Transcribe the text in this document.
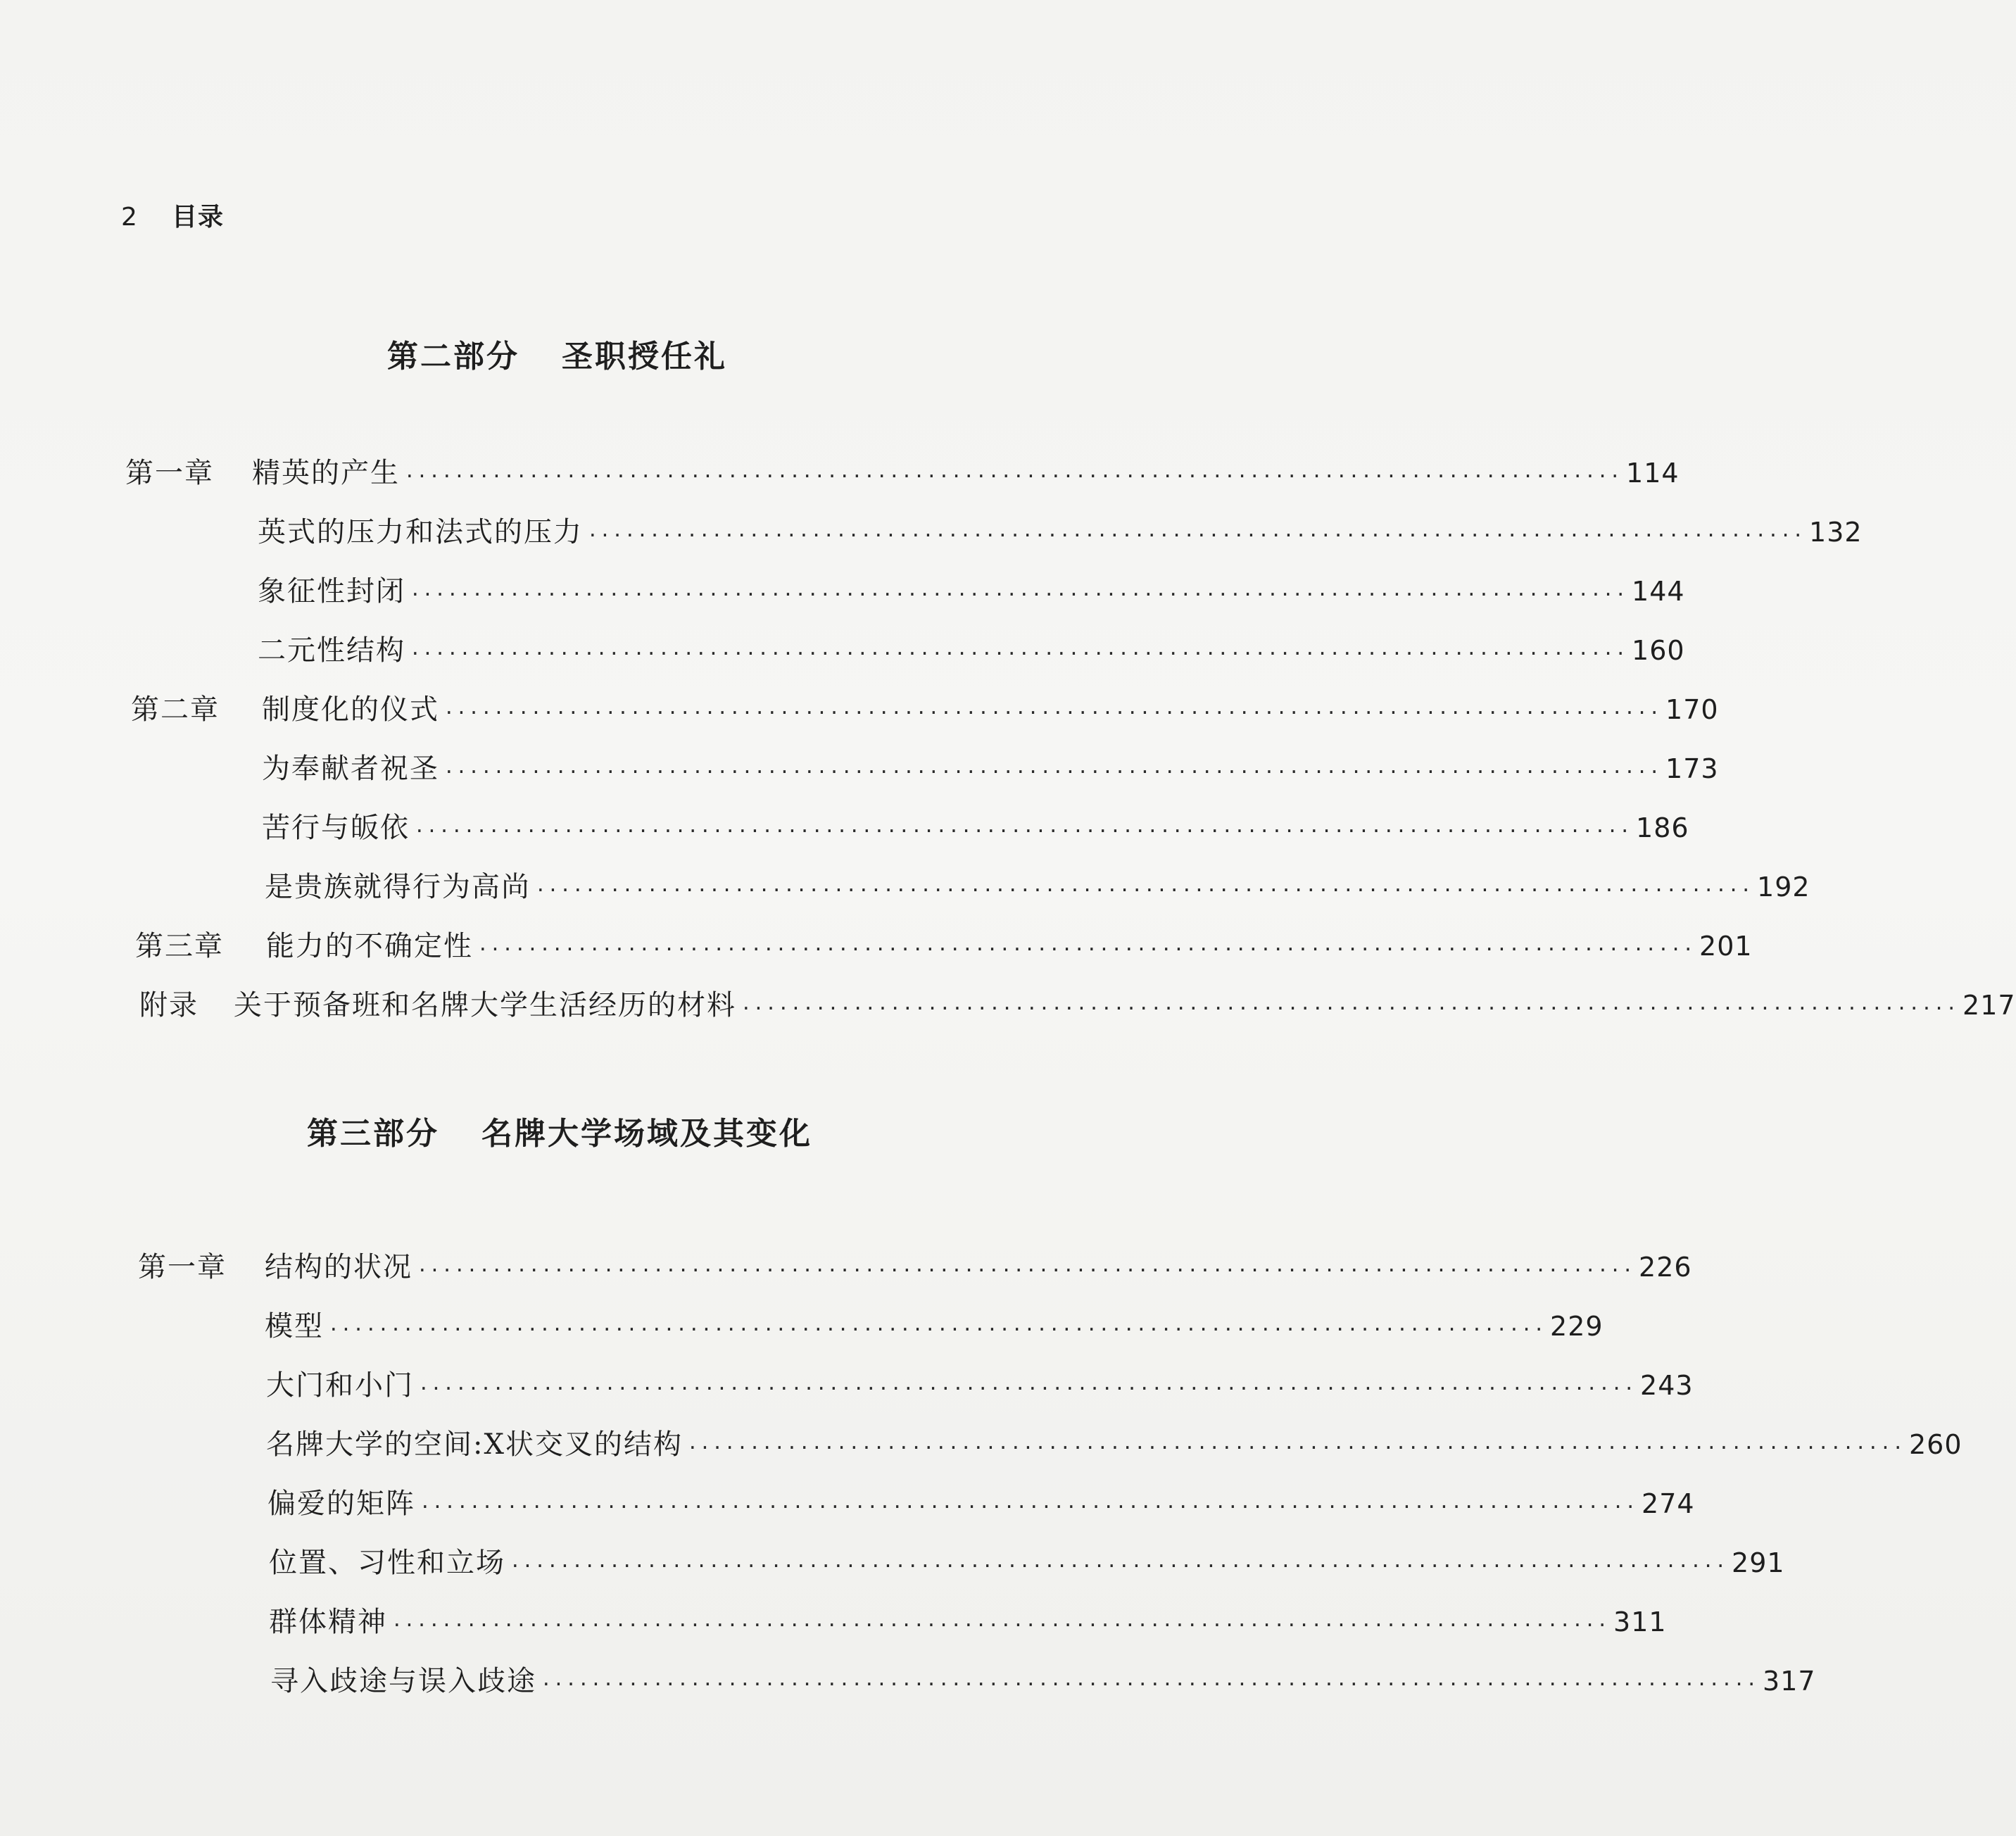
2 目录
第二部分 圣职授任礼
第一章	精英的产生 ·································································································· 114
英式的压力和法式的压力 ·································································································· 132
象征性封闭 ·································································································· 144
二元性结构 ·································································································· 160
第二章	制度化的仪式 ·································································································· 170
为奉献者祝圣 ·································································································· 173
苦行与皈依 ·································································································· 186
是贵族就得行为高尚 ·································································································· 192
第三章	能力的不确定性 ·································································································· 201
附录	关于预备班和名牌大学生活经历的材料 ·································································································· 217
第三部分 名牌大学场域及其变化
第一章	结构的状况 ·································································································· 226
模型 ·································································································· 229
大门和小门 ·································································································· 243
名牌大学的空间:X状交叉的结构 ·································································································· 260
偏爱的矩阵 ·································································································· 274
位置、习性和立场 ·································································································· 291
群体精神 ·································································································· 311
寻入歧途与误入歧途 ·································································································· 317
